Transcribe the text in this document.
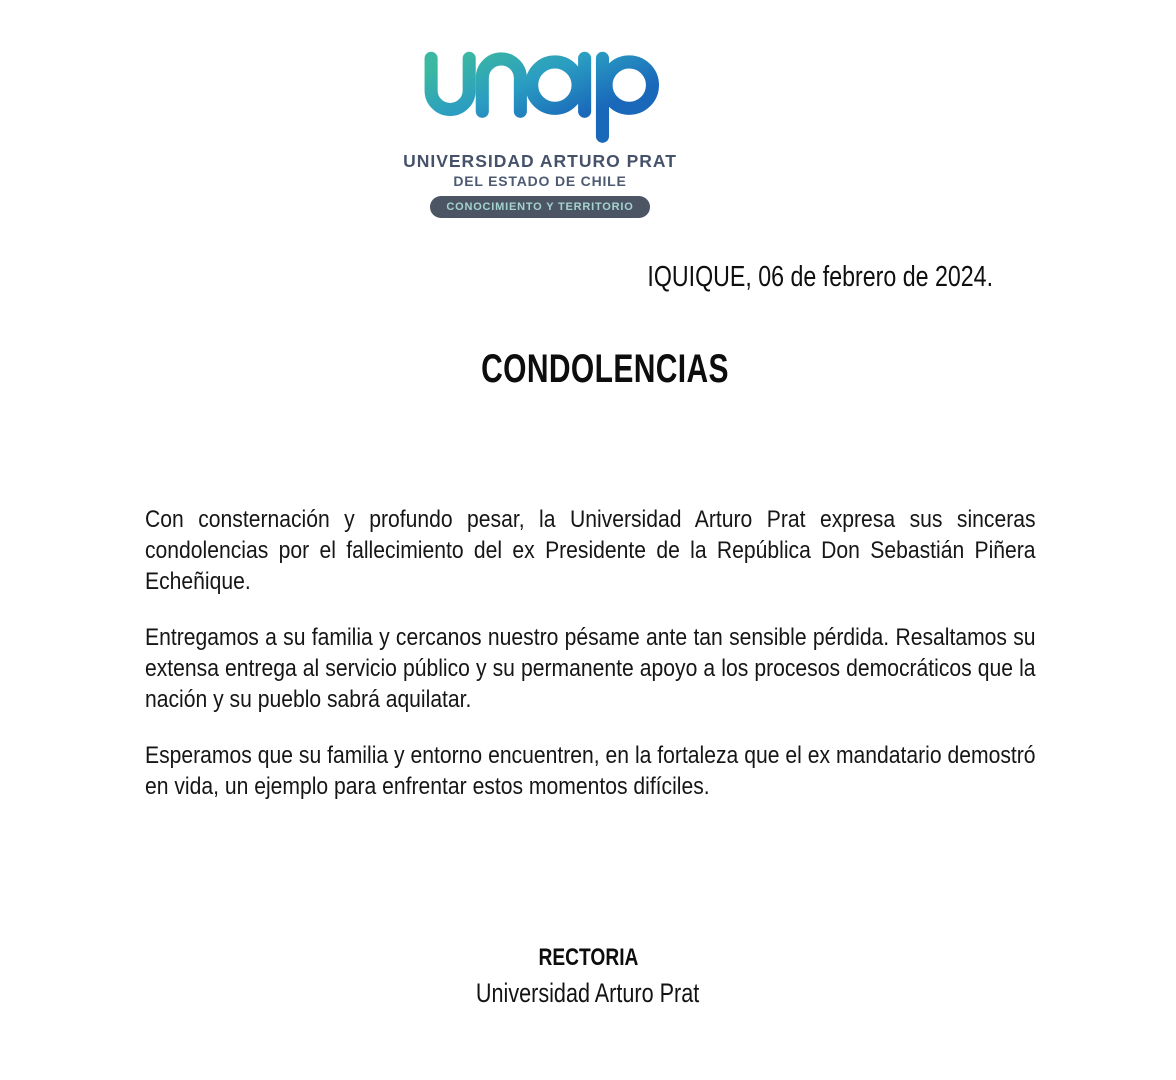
UNIVERSIDAD ARTURO PRAT
DEL ESTADO DE CHILE
CONOCIMIENTO Y TERRITORIO
IQUIQUE, 06 de febrero de 2024.
CONDOLENCIAS

Con consternación y profundo pesar, la Universidad Arturo Prat expresa sus sinceras condolencias por el fallecimiento del ex Presidente de la República Don Sebastián Piñera Echeñique.

Entregamos a su familia y cercanos nuestro pésame ante tan sensible pérdida. Resaltamos su extensa entrega al servicio público y su permanente apoyo a los procesos democráticos que la nación y su pueblo sabrá aquilatar.

Esperamos que su familia y entorno encuentren, en la fortaleza que el ex mandatario demostró en vida, un ejemplo para enfrentar estos momentos difíciles.

RECTORIA
Universidad Arturo Prat
